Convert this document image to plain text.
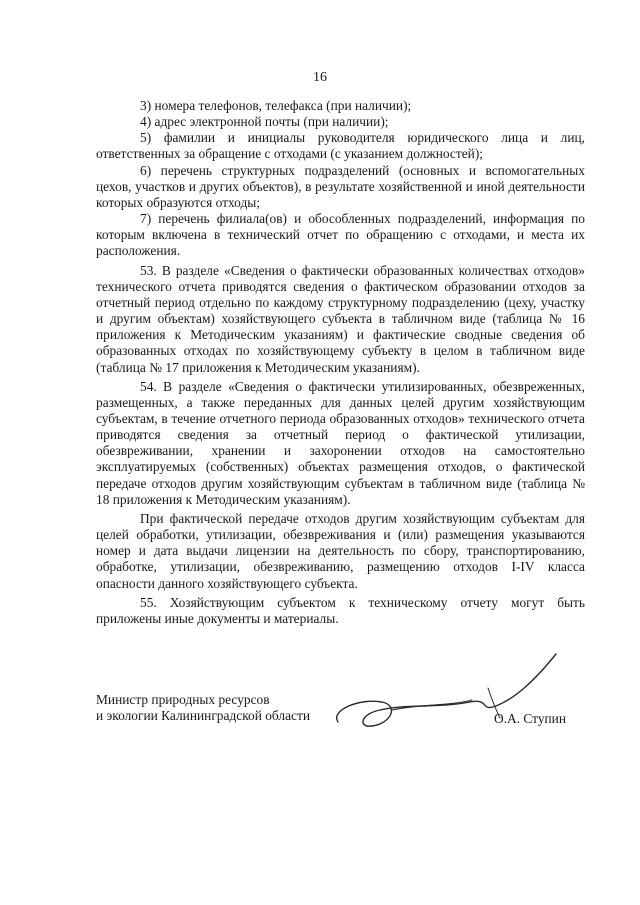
16

3) номера телефонов, телефакса (при наличии);

4) адрес электронной почты (при наличии);

5) фамилии и инициалы руководителя юридического лица и лиц, ответственных за обращение с отходами (с указанием должностей);

6) перечень структурных подразделений (основных и вспомогательных цехов, участков и других объектов), в результате хозяйственной и иной деятельности которых образуются отходы;

7) перечень филиала(ов) и обособленных подразделений, информация по которым включена в технический отчет по обращению с отходами, и места их расположения.

53. В разделе «Сведения о фактически образованных количествах отходов» технического отчета приводятся сведения о фактическом образовании отходов за отчетный период отдельно по каждому структурному подразделению (цеху, участку и другим объектам) хозяйствующего субъекта в табличном виде (таблица № 16 приложения к Методическим указаниям) и фактические сводные сведения об образованных отходах по хозяйствующему субъекту в целом в табличном виде (таблица № 17 приложения к Методическим указаниям).

54. В разделе «Сведения о фактически утилизированных, обезвреженных, размещенных, а также переданных для данных целей другим хозяйствующим субъектам, в течение отчетного периода образованных отходов» технического отчета приводятся сведения за отчетный период о фактической утилизации, обезвреживании, хранении и захоронении отходов на самостоятельно эксплуатируемых (собственных) объектах размещения отходов, о фактической передаче отходов другим хозяйствующим субъектам в табличном виде (таблица № 18 приложения к Методическим указаниям).

При фактической передаче отходов другим хозяйствующим субъектам для целей обработки, утилизации, обезвреживания и (или) размещения указываются номер и дата выдачи лицензии на деятельность по сбору, транспортированию, обработке, утилизации, обезвреживанию, размещению отходов I-IV класса опасности данного хозяйствующего субъекта.

55. Хозяйствующим субъектом к техническому отчету могут быть приложены иные документы и материалы.

Министр природных ресурсов
и экологии Калининградской области	О.А. Ступин
